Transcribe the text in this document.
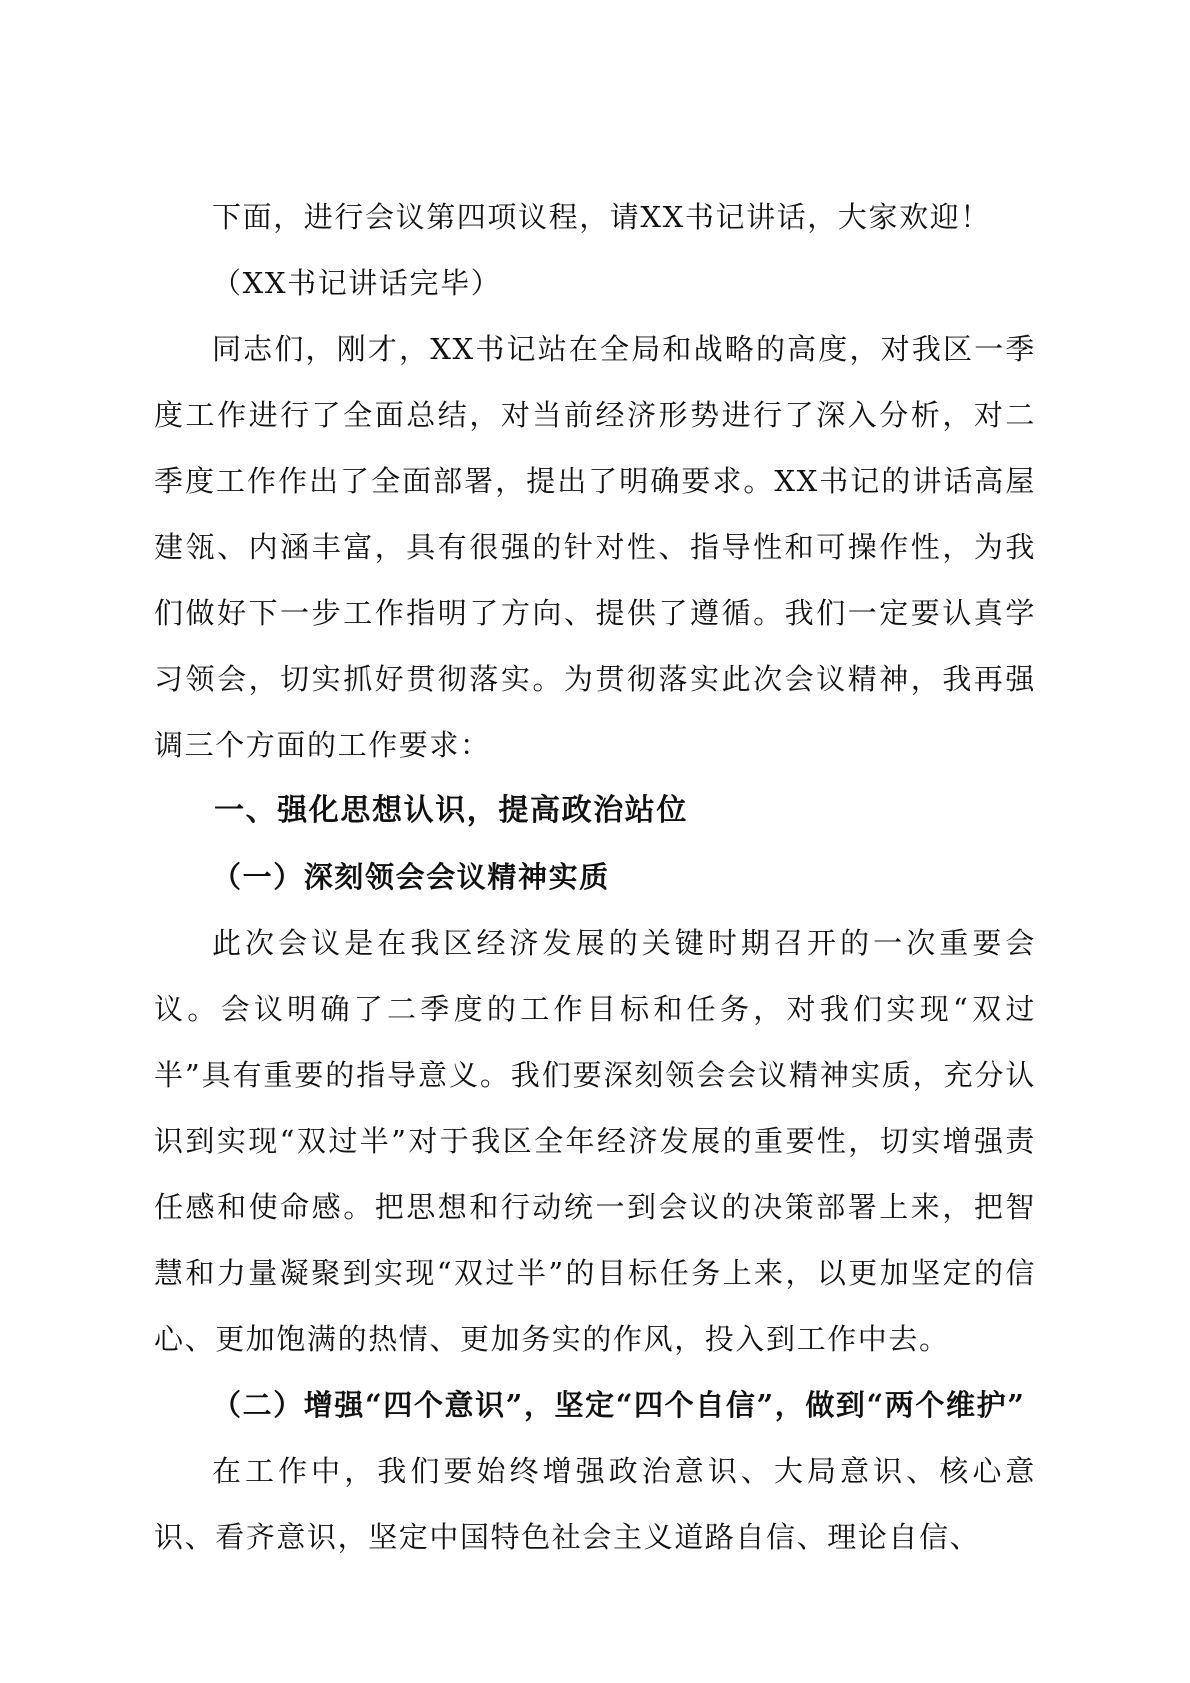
下面，进行会议第四项议程，请XX书记讲话，大家欢迎！

（XX书记讲话完毕）

同志们，刚才，XX书记站在全局和战略的高度，对我区一季度工作进行了全面总结，对当前经济形势进行了深入分析，对二季度工作作出了全面部署，提出了明确要求。XX书记的讲话高屋建瓴、内涵丰富，具有很强的针对性、指导性和可操作性，为我们做好下一步工作指明了方向、提供了遵循。我们一定要认真学习领会，切实抓好贯彻落实。为贯彻落实此次会议精神，我再强调三个方面的工作要求：

一、强化思想认识，提高政治站位

（一）深刻领会会议精神实质

此次会议是在我区经济发展的关键时期召开的一次重要会议。会议明确了二季度的工作目标和任务，对我们实现“双过半”具有重要的指导意义。我们要深刻领会会议精神实质，充分认识到实现“双过半”对于我区全年经济发展的重要性，切实增强责任感和使命感。把思想和行动统一到会议的决策部署上来，把智慧和力量凝聚到实现“双过半”的目标任务上来，以更加坚定的信心、更加饱满的热情、更加务实的作风，投入到工作中去。

（二）增强“四个意识”，坚定“四个自信”，做到“两个维护”

在工作中，我们要始终增强政治意识、大局意识、核心意识、看齐意识，坚定中国特色社会主义道路自信、理论自信、
